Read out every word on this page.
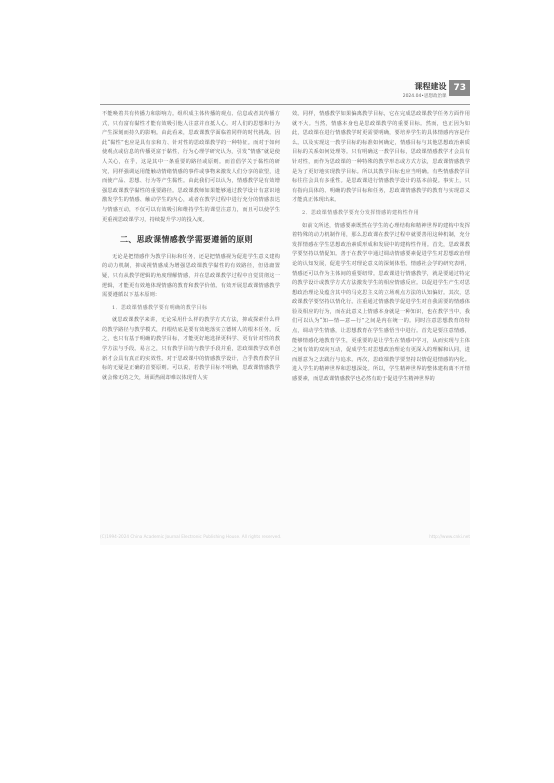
课程建设
2024.04•思想政治课
73

不能唤着共有传播力和影响力。组织成主体传播的观点、信息或者其传播方式，只有富有黏性才能有效吸引他人注意并直抵人心。对人们的思想和行为产生深刻而持久的影响。由此看来，思政课教学面临着同样的时代挑战。因此“黏性”也应是具有亲和力、针对性的思政课教学的一种特征。而对于如何使观点或信息的传播更富于黏性，行为心理学研究认为，引发“情感”就是使人关心，在乎，这是其中一条重要的路径或原则。而首倡学关于黏性的研究，同样强调运用能触动情绪情感的事件或事物来激发人们分享的欲望，进而使产品、思想、行为等产生黏性。由此我们可以认为，情感教学是有效增强思政课教学黏性的重要路径。思政课教师如果能够通过教学设计有意识地激发学生的情感、触动学生的内心，或者在教学过程中进行充分的情感表达与情感互动，不仅可以有效吸引和维持学生的课堂注意力，而且可以使学生更重视思政课学习，持续提升学习的投入度。

二、思政课情感教学需要遵循的原则

无论是把情感作为教学目标和任务，还是把情感视为促进学生意义建构的动力机制，抑或视情感成为增强思政课教学黏性的有效路径，但毋庸置疑，只有从教学逻辑的角度理解情感，并在思政课教学过程中自觉贯彻这一逻辑，才能更有效地体现情感的教育和教学价值。有效开展思政课情感教学需要遵循以下基本原则：

1．思政课情感教学要有明确的教学目标

就思政课教学来讲，无论采用什么样的教学方式方法，抑或探索什么样的教学路径与教学模式，归根结底是要有效地落实立德树人的根本任务。反之，也只有基于明确的教学目标，才能更好地选择更科学、更有针对性的教学方法与手段。易言之，只有教学目的与教学手段并重，思政课教学改革创新才会具有真正的实效性。对于思政课中的情感教学设计，合乎教育教学目标的无疑是正确的首要原则。可以说，若教学目标不明确，思政课情感教学就会像无的之矢，场面热闹却难以体现育人实

效。同样，情感教学如果偏离教学目标，它在完成思政课教学任务方面作用就不大。当然，情感本身也是思政课教学的重要目标。然而，也正因为如此，思政课在进行情感教学时更需要明确，要培养学生的具体情感内容是什么。以及实现这一教学目标的标准如何确定，情感目标与其他思想政治素质目标的关系如何处理等。只有明确这一教学目标，思政课情感教学才会具有针对性，而作为思政课的一种特殊的教学形态或方式方法，思政课情感教学是为了更好地实现教学目标。所以其教学目标也应当明确。有些情感教学目标往往会具有多重性。是思政课进行情感教学设计的基本前提。事实上，只有指向具体的、明确的教学目标和任务，思政课情感教学的教育与实现意义才能真正体现出来。

2．思政课情感教学要充分发挥情感的建构性作用

如前文所述，情感要素既然在学生的心理结构和精神世界的建构中发挥着特殊的动力机制作用，那么思政课在教学过程中就要善用这种机制，充分发挥情感在学生思想政治素质形成和发展中的建构性作用。首先，思政课教学要坚持以情促知。善于在教学中通过调动情感要素促进学生对思想政治理论的认知发展，促进学生对理论意义的深刻体悟。情感社会学的研究表明，情感还可以作为主体间的重要纽带。思政课进行情感教学，就是要通过特定的教学设计或教学方式方法激发学生的相应情感反应。以促进学生产生对思想政治理论及蕴含其中的马克思主义的立场观点方法的认知偏好。其次，思政课教学要坚持以情化行。注重通过情感教学促进学生对自我需要的情感体验及相应的行为，而在此意义上情感本身就是一种知识，也在教学当中，我们可以认为“知—情—意—行”之间是内在统一的。同时注意思想教育的特点，调动学生情感，让思想教育在学生感悟当中进行。首先是要注意情感，能够情感化地教育学生，更重要的是让学生在情感中学习，从而实现与主体之间有效的双向互动，促成学生对思想政治理论有更深入的理解和认同，进而愿意为之去践行与追求。再次，思政课教学要坚持以情促进情感的内化。进入学生的精神世界和思想深处。所以，学生精神世界的整体建构离不开情感要素，而思政课情感教学也必然有助于促进学生精神世界的

(C)1994-2024 China Academic Journal Electronic Publishing House. All rights reserved.	http://www.cnki.net
